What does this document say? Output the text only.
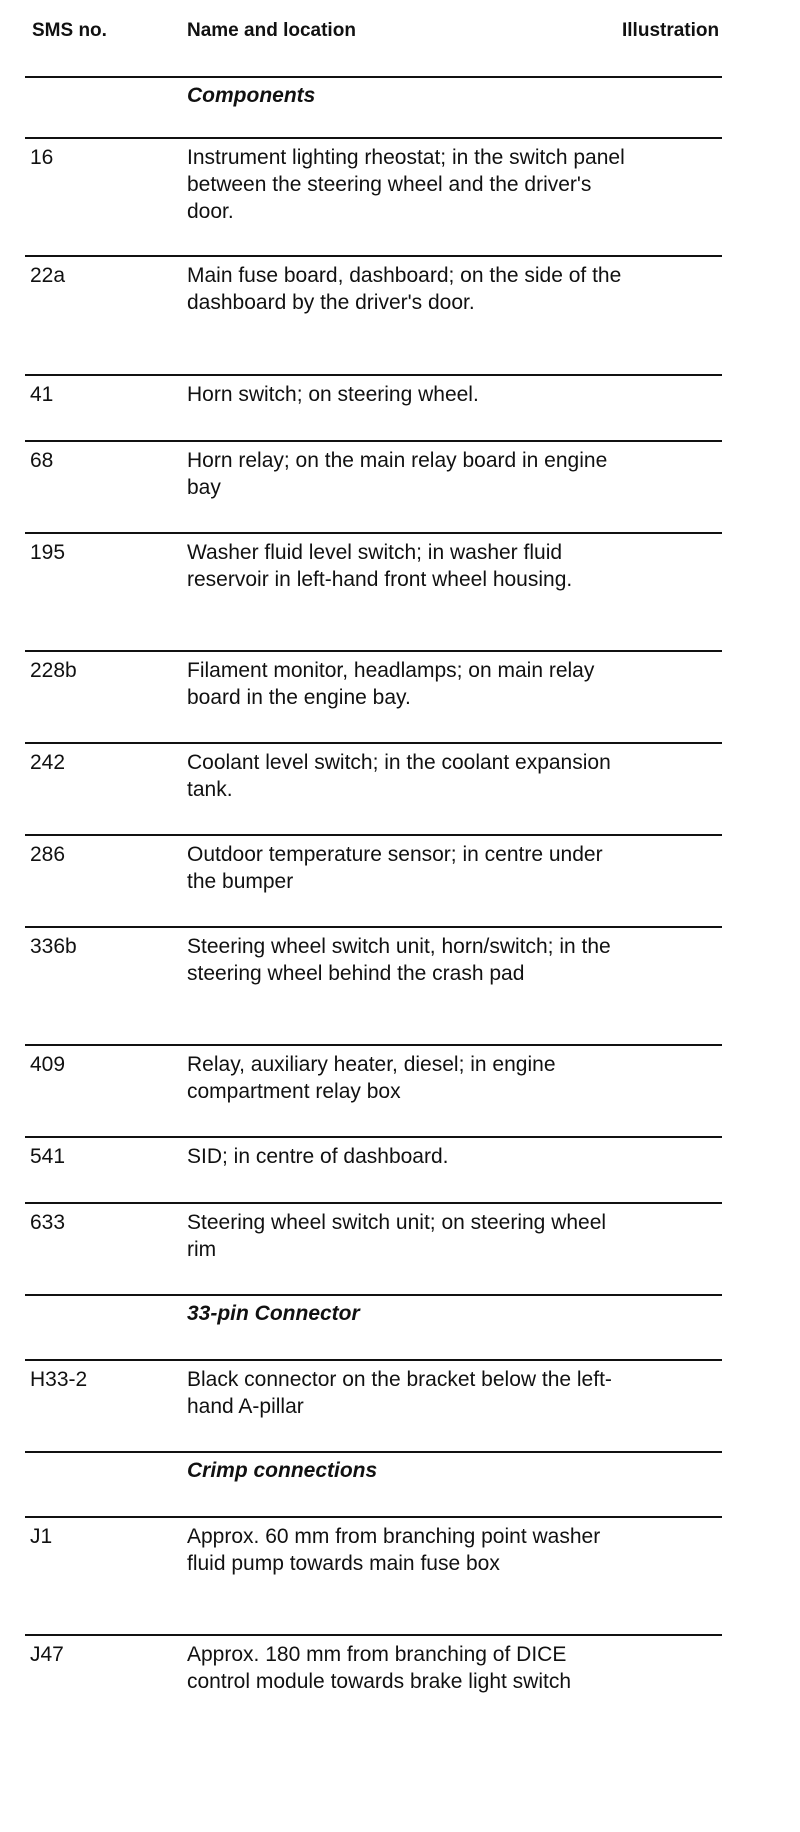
SMS no.	Name and location	Illustration
Components
16	Instrument lighting rheostat; in the switch panel between the steering wheel and the driver's door.
22a	Main fuse board, dashboard; on the side of the dashboard by the driver's door.
41	Horn switch; on steering wheel.
68	Horn relay; on the main relay board in engine bay
195	Washer fluid level switch; in washer fluid reservoir in left-hand front wheel housing.
228b	Filament monitor, headlamps; on main relay board in the engine bay.
242	Coolant level switch; in the coolant expansion tank.
286	Outdoor temperature sensor; in centre under the bumper
336b	Steering wheel switch unit, horn/switch; in the steering wheel behind the crash pad
409	Relay, auxiliary heater, diesel; in engine compartment relay box
541	SID; in centre of dashboard.
633	Steering wheel switch unit; on steering wheel rim
33-pin Connector
H33-2	Black connector on the bracket below the left-hand A-pillar
Crimp connections
J1	Approx. 60 mm from branching point washer fluid pump towards main fuse box
J47	Approx. 180 mm from branching of DICE control module towards brake light switch
